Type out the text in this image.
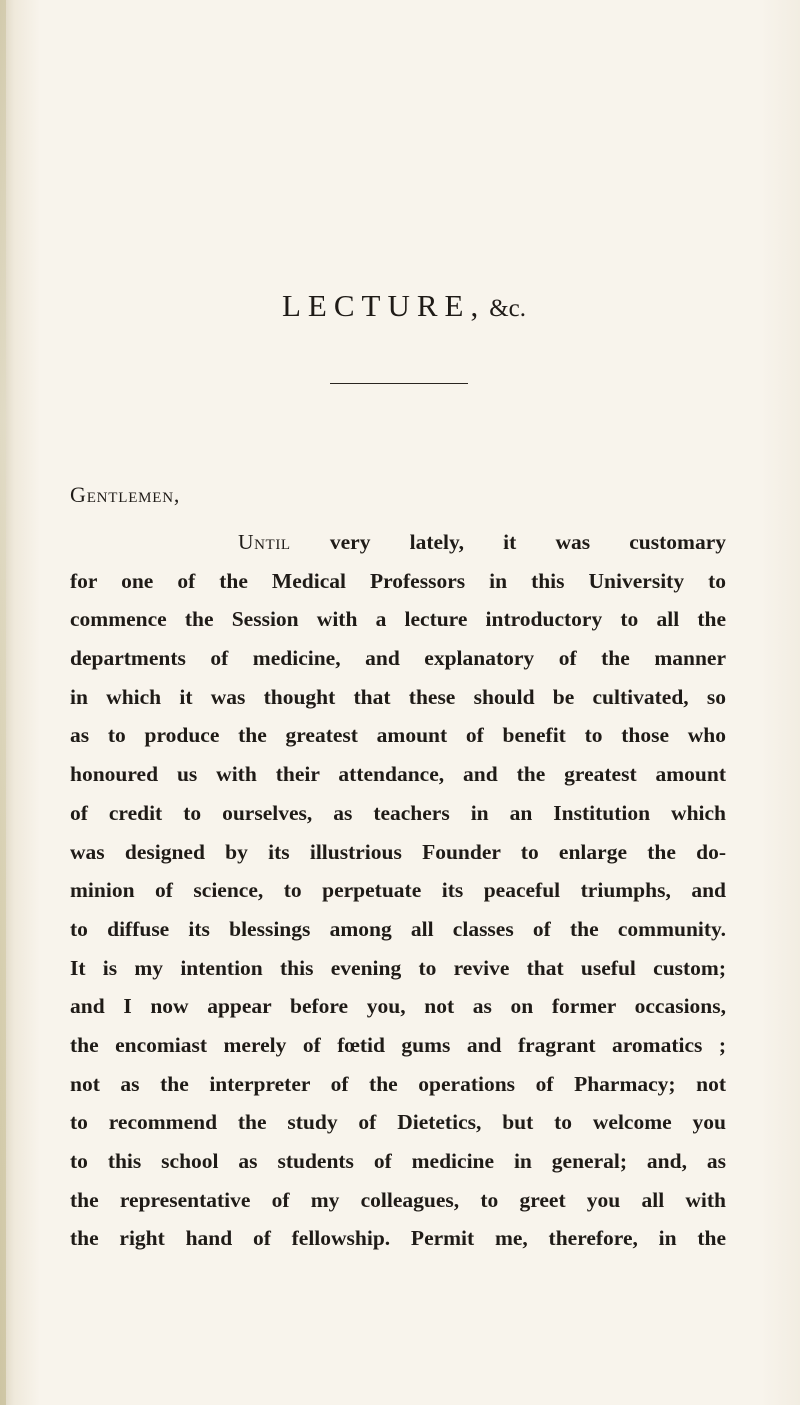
LECTURE, &c.
Gentlemen,
Until very lately, it was customary
for one of the Medical Professors in this University to
commence the Session with a lecture introductory to all the
departments of medicine, and explanatory of the manner
in which it was thought that these should be cultivated, so
as to produce the greatest amount of benefit to those who
honoured us with their attendance, and the greatest amount
of credit to ourselves, as teachers in an Institution which
was designed by its illustrious Founder to enlarge the do-
minion of science, to perpetuate its peaceful triumphs, and
to diffuse its blessings among all classes of the community.
It is my intention this evening to revive that useful custom;
and I now appear before you, not as on former occasions,
the encomiast merely of fœtid gums and fragrant aromatics ;
not as the interpreter of the operations of Pharmacy; not
to recommend the study of Dietetics, but to welcome you
to this school as students of medicine in general; and, as
the representative of my colleagues, to greet you all with
the right hand of fellowship. Permit me, therefore, in the
